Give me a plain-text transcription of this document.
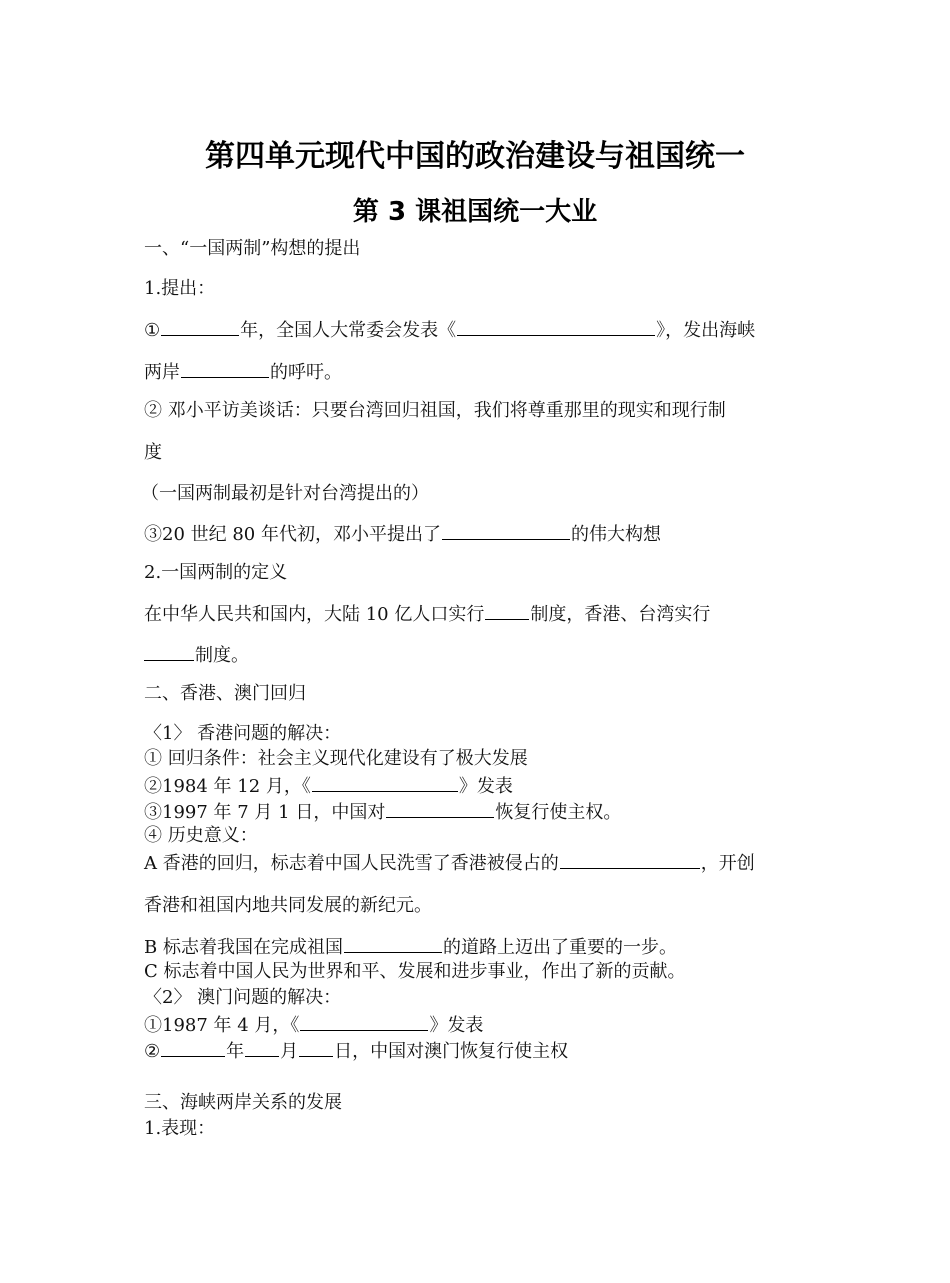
第四单元现代中国的政治建设与祖国统一
第 3 课祖国统一大业
一、“一国两制”构想的提出
1.提出：
①	年，全国人大常委会发表《	》，发出海峡
两岸	的呼吁。
② 邓小平访美谈话：只要台湾回归祖国，我们将尊重那里的现实和现行制
度
（一国两制最初是针对台湾提出的）
③20 世纪 80 年代初，邓小平提出了	的伟大构想
2.一国两制的定义
在中华人民共和国内，大陆 10 亿人口实行	制度，香港、台湾实行
制度。
二、香港、澳门回归
〈1〉 香港问题的解决：
① 回归条件：社会主义现代化建设有了极大发展
②1984 年 12 月，《	》发表
③1997 年 7 月 1 日，中国对	恢复行使主权。
④ 历史意义：
A 香港的回归，标志着中国人民洗雪了香港被侵占的	，开创
香港和祖国内地共同发展的新纪元。
B 标志着我国在完成祖国	的道路上迈出了重要的一步。
C 标志着中国人民为世界和平、发展和进步事业，作出了新的贡献。
〈2〉 澳门问题的解决：
①1987 年 4 月，《	》发表
②	年 月 日，中国对澳门恢复行使主权
三、海峡两岸关系的发展
1.表现：
